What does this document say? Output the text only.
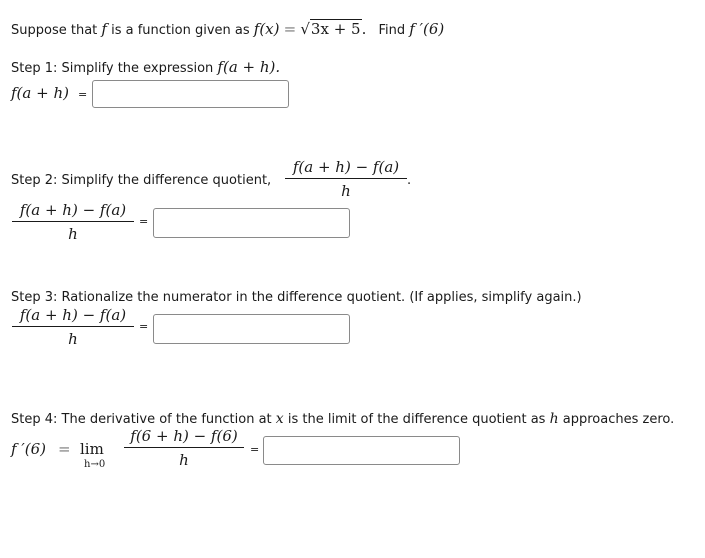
Suppose that f is a function given as f(x) = √3x + 5. Find f ′(6)
Step 1: Simplify the expression f(a + h).
f(a + h) =
Step 2: Simplify the difference quotient,
f(a + h) − f(a)
h
.
f(a + h) − f(a)
h
=
Step 3: Rationalize the numerator in the difference quotient. (If applies, simplify again.)
f(a + h) − f(a)
h
=
Step 4: The derivative of the function at x is the limit of the difference quotient as h approaches zero.
f ′(6) = lim
h→0
f(6 + h) − f(6)
h
=
